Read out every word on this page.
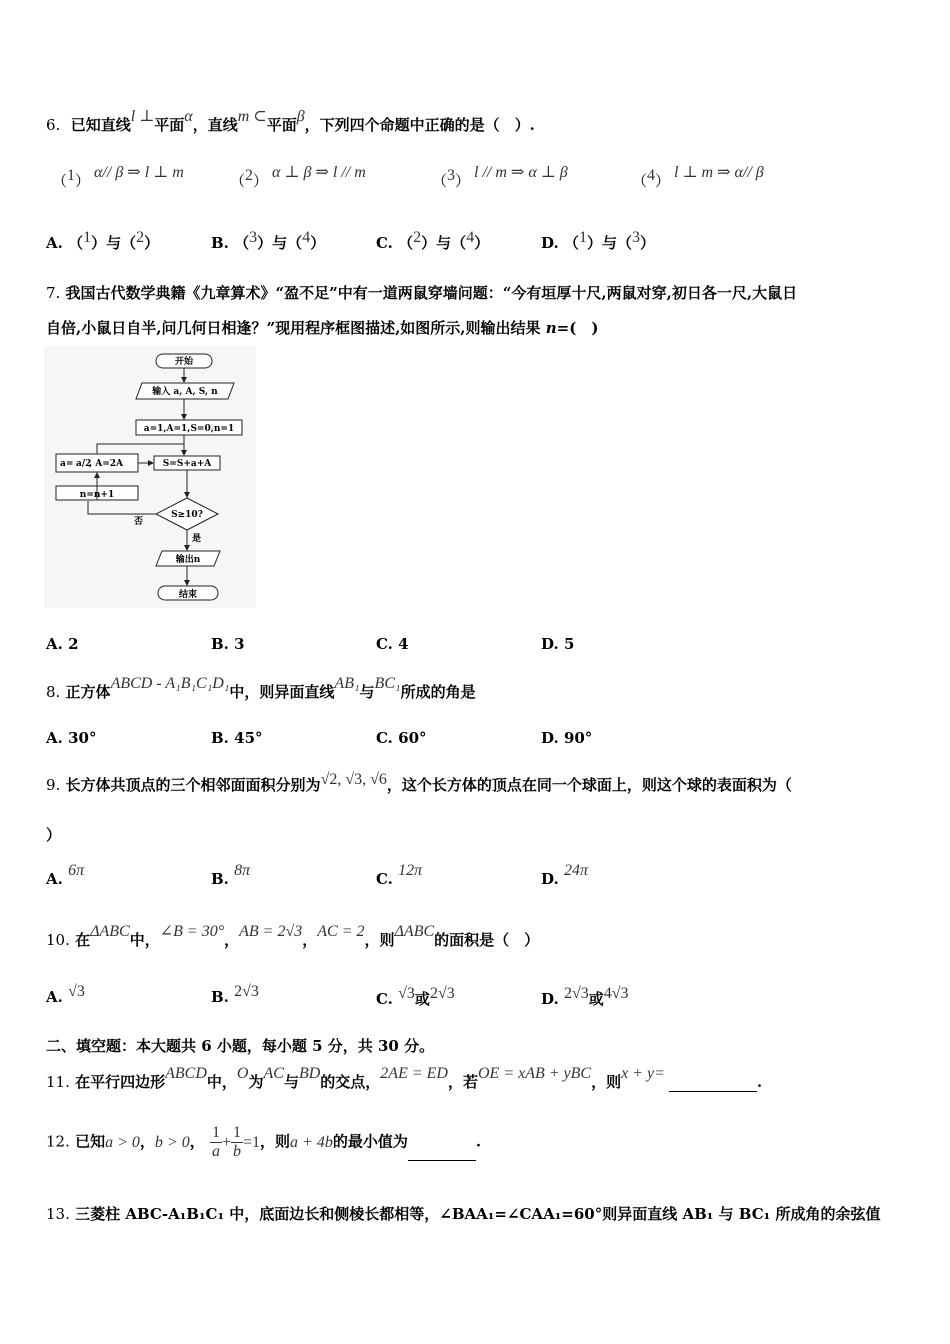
6. 已知直线l ⊥平面α，直线m ⊂平面β，下列四个命题中正确的是（　）.
（1） α// β ⇒ l ⊥ m	（2） α ⊥ β ⇒ l // m	（3） l // m ⇒ α ⊥ β	（4） l ⊥ m ⇒ α// β
A. （1）与（2）	B. （3）与（4）	C. （2）与（4）	D. （1）与（3）
7. 我国古代数学典籍《九章算术》“盈不足”中有一道两鼠穿墙问题：“今有垣厚十尺,两鼠对穿,初日各一尺,大鼠日
自倍,小鼠日自半,问几何日相逢？”现用程序框图描述,如图所示,则输出结果 n=(　)
开始
输入 a, A, S, n
a=1,A=1,S=0,n=1
S=S+a+A
a= a/2
, A=2A
n=n+1
S≥10?
否
是
输出n
结束
A. 2	B. 3	C. 4	D. 5
8. 正方体ABCD - A₁B₁C₁D₁中，则异面直线AB₁与BC₁所成的角是
A. 30°	B. 45°	C. 60°	D. 90°
9. 长方体共顶点的三个相邻面面积分别为√2, √3, √6，这个长方体的顶点在同一个球面上，则这个球的表面积为（
）
A. 6π	B. 8π	C. 12π	D. 24π
10. 在ΔABC中，∠B = 30°，AB = 2√3，AC = 2，则ΔABC的面积是（　）
A. √3	B. 2√3	C. √3或2√3	D. 2√3或4√3
二、填空题：本大题共 6 小题，每小题 5 分，共 30 分。
11. 在平行四边形ABCD中，O为AC与BD的交点，2AE = ED，若OE = xAB + yBC，则x + y=	.
12. 已知a > 0，b > 0， $\frac{1}{a} + \frac{1}{b} =1$，则a + 4b的最小值为	.
13. 三菱柱 ABC-A₁B₁C₁ 中，底面边长和侧棱长都相等，∠BAA₁=∠CAA₁=60°则异面直线 AB₁ 与 BC₁ 所成角的余弦值
